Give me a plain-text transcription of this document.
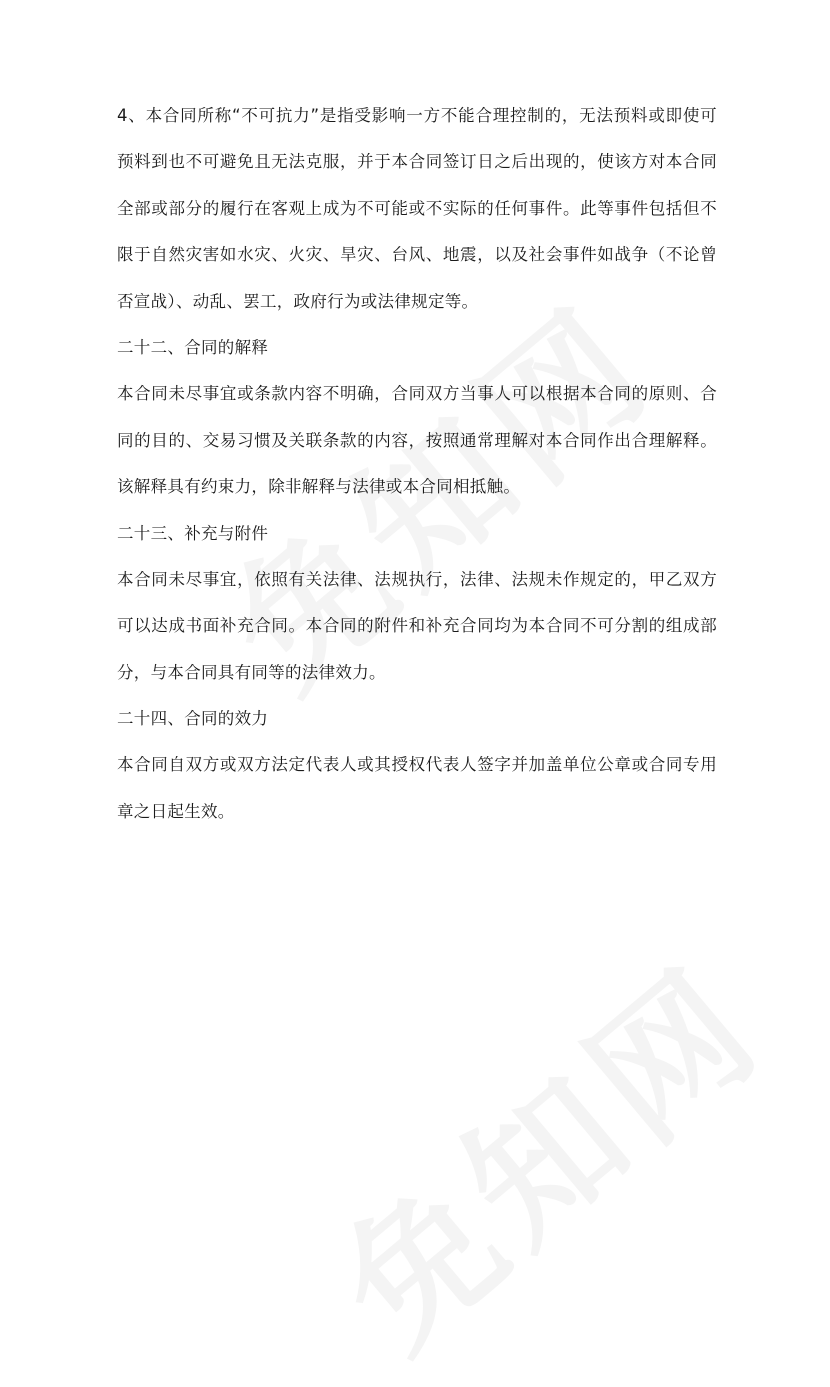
4、本合同所称“不可抗力”是指受影响一方不能合理控制的，无法预料或即使可
预料到也不可避免且无法克服，并于本合同签订日之后出现的，使该方对本合同
全部或部分的履行在客观上成为不可能或不实际的任何事件。此等事件包括但不
限于自然灾害如水灾、火灾、旱灾、台风、地震，以及社会事件如战争（不论曾
否宣战）、动乱、罢工，政府行为或法律规定等。
二十二、合同的解释
本合同未尽事宜或条款内容不明确，合同双方当事人可以根据本合同的原则、合
同的目的、交易习惯及关联条款的内容，按照通常理解对本合同作出合理解释。
该解释具有约束力，除非解释与法律或本合同相抵触。
二十三、补充与附件
本合同未尽事宜，依照有关法律、法规执行，法律、法规未作规定的，甲乙双方
可以达成书面补充合同。本合同的附件和补充合同均为本合同不可分割的组成部
分，与本合同具有同等的法律效力。
二十四、合同的效力
本合同自双方或双方法定代表人或其授权代表人签字并加盖单位公章或合同专用
章之日起生效。
